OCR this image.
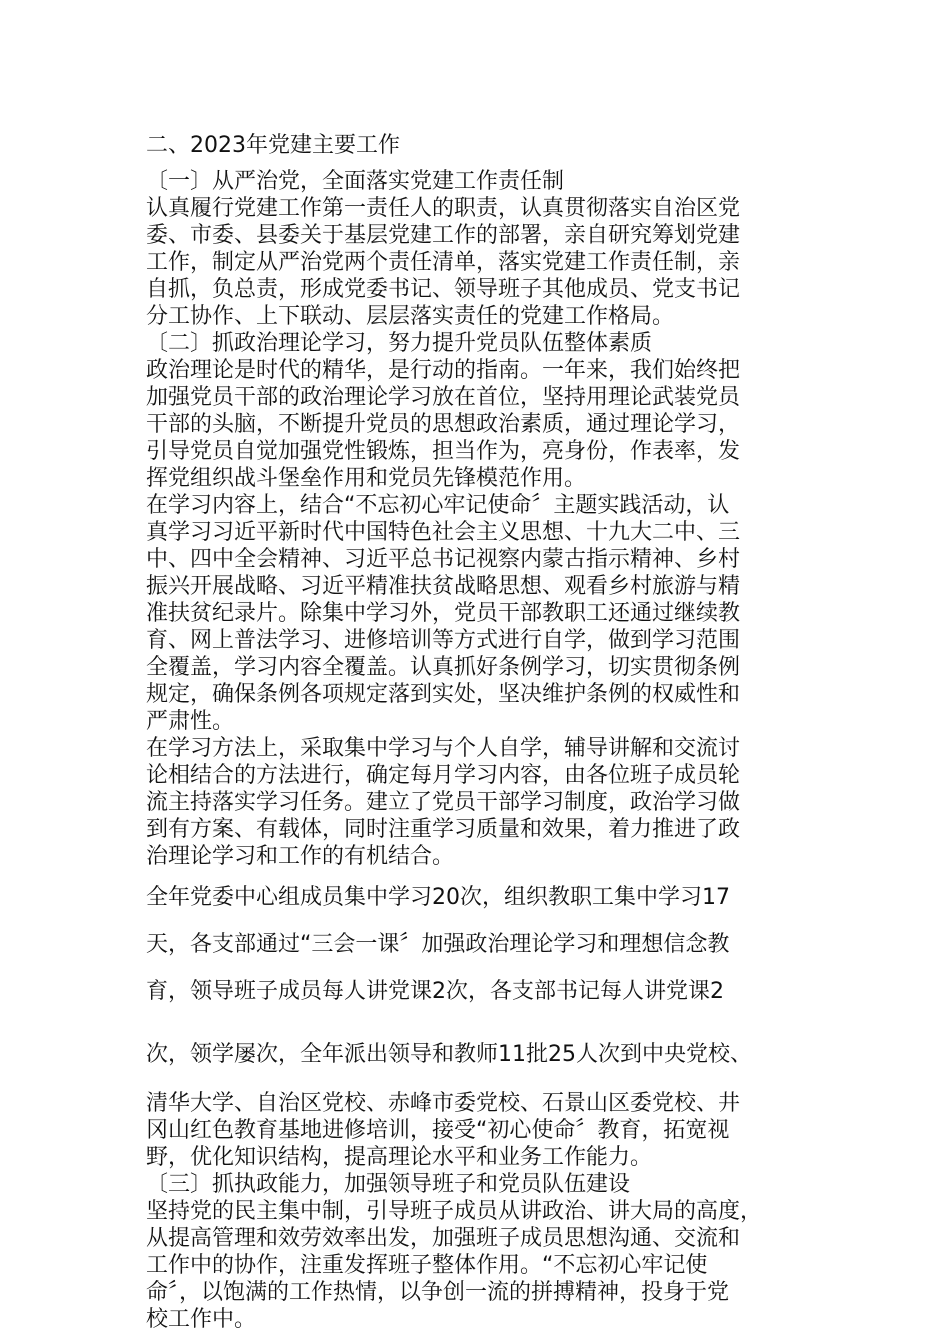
二、2023年党建主要工作
〔一〕从严治党，全面落实党建工作责任制
认真履行党建工作第一责任人的职责，认真贯彻落实自治区党
委、市委、县委关于基层党建工作的部署，亲自研究筹划党建
工作，制定从严治党两个责任清单，落实党建工作责任制，亲
自抓，负总责，形成党委书记、领导班子其他成员、党支书记
分工协作、上下联动、层层落实责任的党建工作格局。
〔二〕抓政治理论学习，努力提升党员队伍整体素质
政治理论是时代的精华，是行动的指南。一年来，我们始终把
加强党员干部的政治理论学习放在首位，坚持用理论武装党员
干部的头脑，不断提升党员的思想政治素质，通过理论学习，
引导党员自觉加强党性锻炼，担当作为，亮身份，作表率，发
挥党组织战斗堡垒作用和党员先锋模范作用。
在学习内容上，结合“不忘初心牢记使命〞主题实践活动，认
真学习习近平新时代中国特色社会主义思想、十九大二中、三
中、四中全会精神、习近平总书记视察内蒙古指示精神、乡村
振兴开展战略、习近平精准扶贫战略思想、观看乡村旅游与精
准扶贫纪录片。除集中学习外，党员干部教职工还通过继续教
育、网上普法学习、进修培训等方式进行自学，做到学习范围
全覆盖，学习内容全覆盖。认真抓好条例学习，切实贯彻条例
规定，确保条例各项规定落到实处，坚决维护条例的权威性和
严肃性。
在学习方法上，采取集中学习与个人自学，辅导讲解和交流讨
论相结合的方法进行，确定每月学习内容，由各位班子成员轮
流主持落实学习任务。建立了党员干部学习制度，政治学习做
到有方案、有载体，同时注重学习质量和效果，着力推进了政
治理论学习和工作的有机结合。
全年党委中心组成员集中学习20次，组织教职工集中学习17
天，各支部通过“三会一课〞加强政治理论学习和理想信念教
育，领导班子成员每人讲党课2次，各支部书记每人讲党课2
次，领学屡次，全年派出领导和教师11批25人次到中央党校、
清华大学、自治区党校、赤峰市委党校、石景山区委党校、井
冈山红色教育基地进修培训，接受“初心使命〞教育，拓宽视
野，优化知识结构，提高理论水平和业务工作能力。
〔三〕抓执政能力，加强领导班子和党员队伍建设
坚持党的民主集中制，引导班子成员从讲政治、讲大局的高度，
从提高管理和效劳效率出发，加强班子成员思想沟通、交流和
工作中的协作，注重发挥班子整体作用。“不忘初心牢记使
命〞，以饱满的工作热情，以争创一流的拼搏精神，投身于党
校工作中。
